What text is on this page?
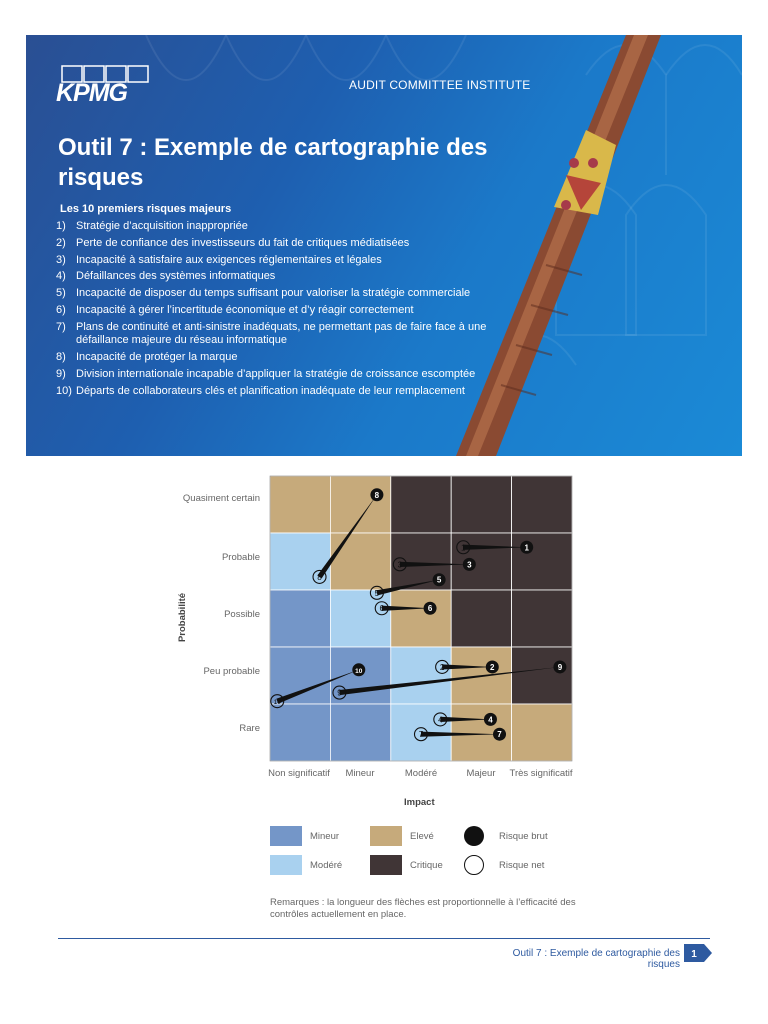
KPMG	AUDIT COMMITTEE INSTITUTE
Outil 7 : Exemple de cartographie des risques
Les 10 premiers risques majeurs
1) Stratégie d’acquisition inappropriée
2) Perte de confiance des investisseurs du fait de critiques médiatisées
3) Incapacité à satisfaire aux exigences réglementaires et légales
4) Défaillances des systèmes informatiques
5) Incapacité de disposer du temps suffisant pour valoriser la stratégie commerciale
6) Incapacité à gérer l’incertitude économique et d’y réagir correctement
7) Plans de continuité et anti-sinistre inadéquats, ne permettant pas de faire face à une défaillance majeure du réseau informatique
8) Incapacité de protéger la marque
9) Division internationale incapable d’appliquer la stratégie de croissance escomptée
10) Départs de collaborateurs clés et planification inadéquate de leur remplacement
1
1
2
2
3
3
4
4
5
5
6
6
7
7
8
8
9
9
10
10
Quasiment certain
Probable
Possible
Peu probable
Rare
Probabilité
Non significatif	Mineur	Modéré	Majeur	Très significatif
Impact
Mineur
Modéré
Elevé
Critique
Risque brut
Risque net
Remarques : la longueur des flèches est proportionnelle à l’efficacité des contrôles actuellement en place.
Outil 7 : Exemple de cartographie des risques
1
